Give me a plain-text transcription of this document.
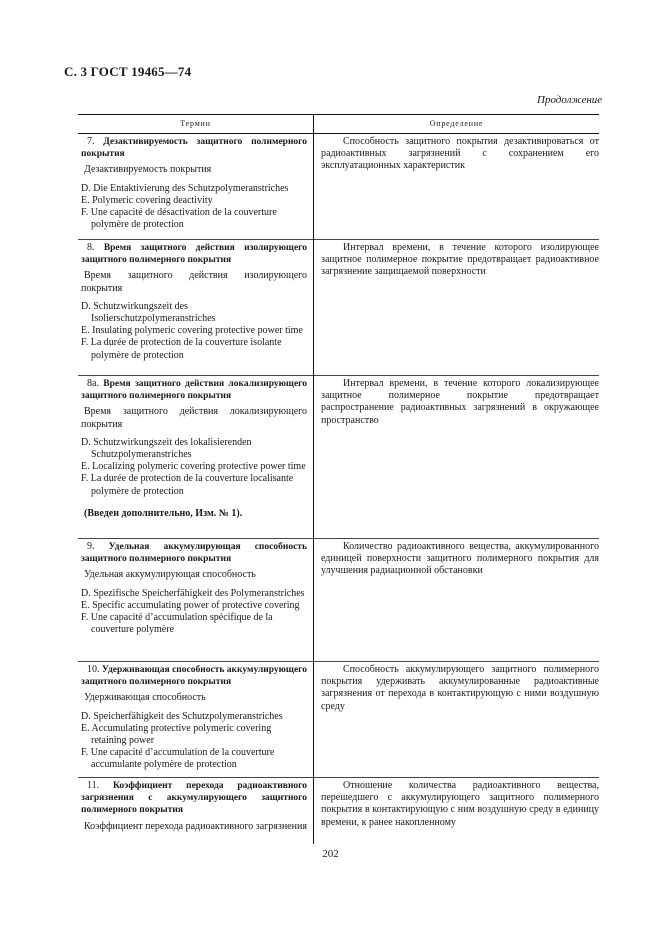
С. 3 ГОСТ 19465—74
Продолжение
Термин	Определение
7. Дезактивируемость защитного полимерного покрытия
Дезактивируемость покрытия
D. Die Entaktivierung des Schutzpolymeranstriches
E. Polymeric covering deactivity
F. Une capacité de désactivation de la couverture polymère de protection
Способность защитного покрытия дезактивироваться от радиоактивных загрязнений с сохранением его эксплуатационных характеристик
8. Время защитного действия изолирующего защитного полимерного покрытия
Время защитного действия изолирующего покрытия
D. Schutzwirkungszeit des Isolierschutzpolymeranstriches
E. Insulating polymeric covering protective power time
F. La durée de protection de la couverture isolante polymère de protection
Интервал времени, в течение которого изолирующее защитное полимерное покрытие предотвращает радиоактивное загрязнение защищаемой поверхности
8а. Время защитного действия локализирующего защитного полимерного покрытия
Время защитного действия локализирующего покрытия
D. Schutzwirkungszeit des lokalisierenden Schutzpolymeranstriches
E. Localizing polymeric covering protective power time
F. La durée de protection de la couverture localisante polymère de protection
(Введен дополнительно, Изм. № 1).
Интервал времени, в течение которого локализирующее защитное полимерное покрытие предотвращает распространение радиоактивных загрязнений в окружающее пространство
9. Удельная аккумулирующая способность защитного полимерного покрытия
Удельная аккумулирующая способность
D. Spezifische Speicherfähigkeit des Polymeranstriches
E. Specific accumulating power of protective covering
F. Une capacité d’accumulation spécifique de la couverture polymère
Количество радиоактивного вещества, аккумулированного единицей поверхности защитного полимерного покрытия для улучшения радиационной обстановки
10. Удерживающая способность аккумулирующего защитного полимерного покрытия
Удерживающая способность
D. Speicherfähigkeit des Schutzpolymeranstriches
E. Accumulating protective polymeric covering retaining power
F. Une capacité d’accumulation de la couverture accumulante polymère de protection
Способность аккумулирующего защитного полимерного покрытия удерживать аккумулированные радиоактивные загрязнения от перехода в контактирующую с ними воздушную среду
11. Коэффициент перехода радиоактивного загрязнения с аккумулирующего защитного полимерного покрытия
Коэффициент перехода радиоактивного загрязнения
Отношение количества радиоактивного вещества, перешедшего с аккумулирующего защитного полимерного покрытия в контактирующую с ним воздушную среду в единицу времени, к ранее накопленному
202
